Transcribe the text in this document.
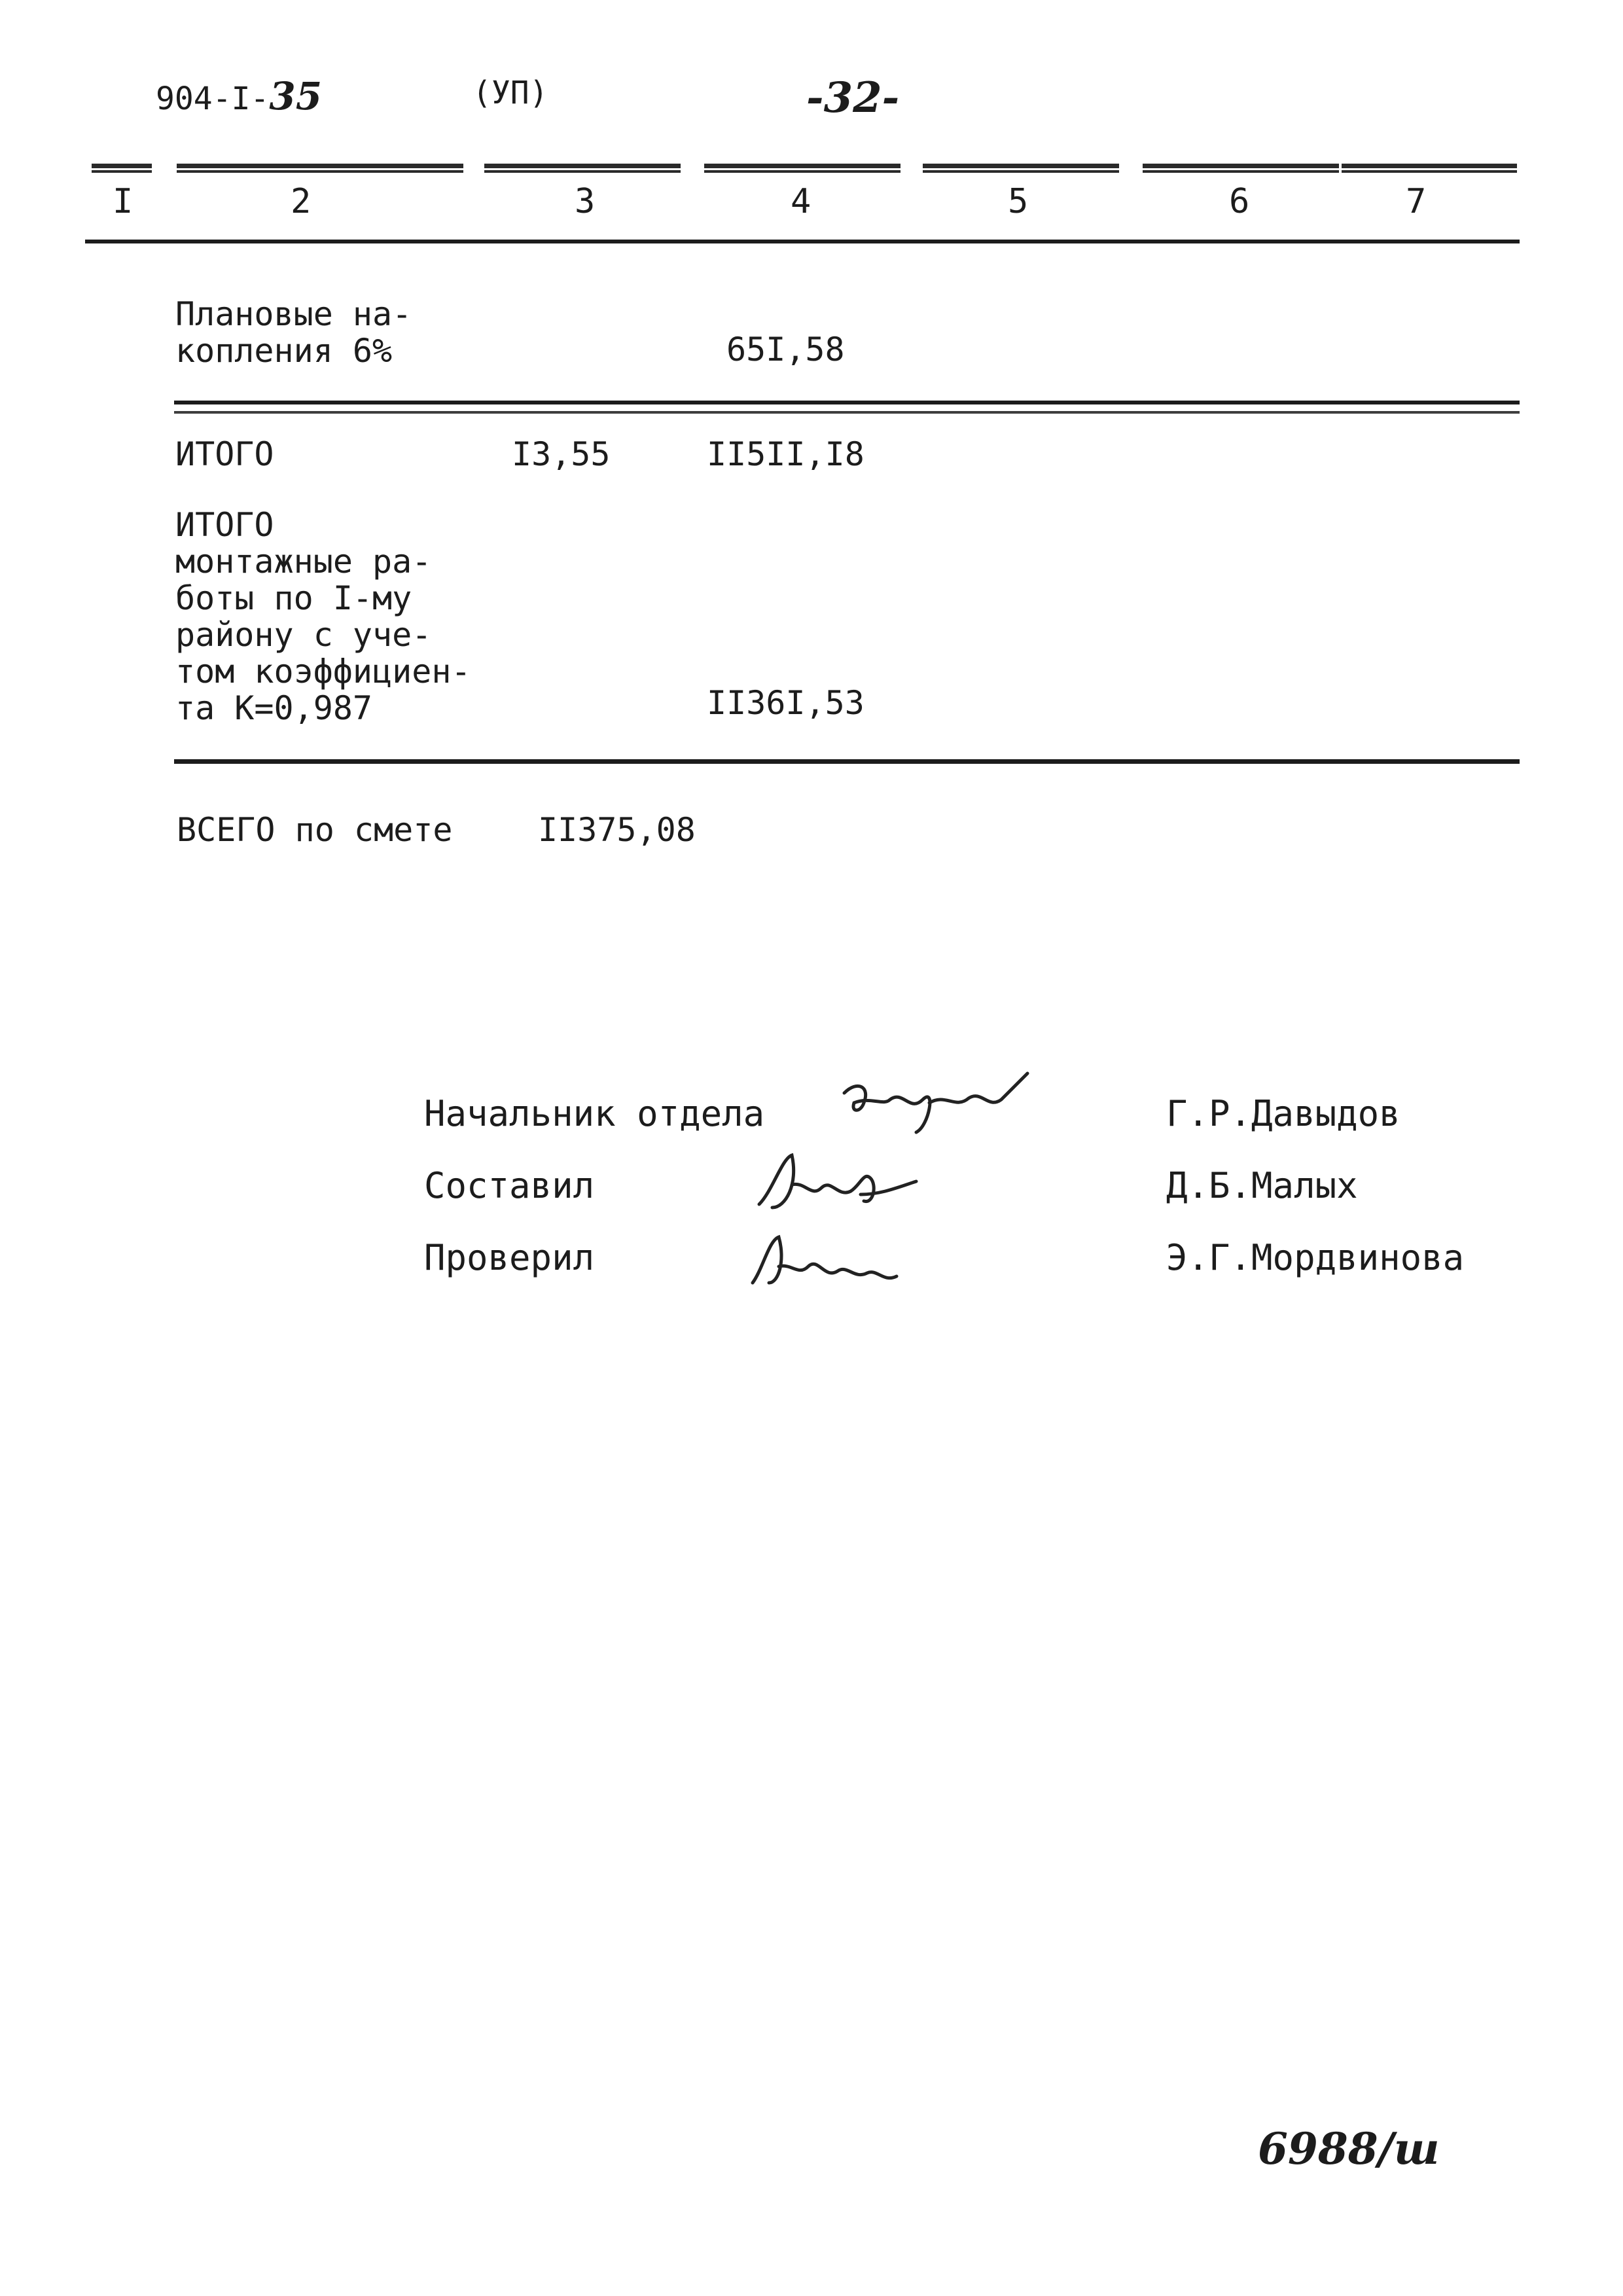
904-I-35	(УП)	-32-
I	2	3	4	5	6	7
Плановые на-
копления 6%	65I,58
ИТОГО	I3,55	II5II,I8
ИТОГО
монтажные ра-
боты по I-му
району с уче-
том коэффициен-
та К=0,987	II36I,53
ВСЕГО по смете	II375,08
Начальник отдела	Г.Р.Давыдов
Составил	Д.Б.Малых
Проверил	Э.Г.Мордвинова
6988/ш
